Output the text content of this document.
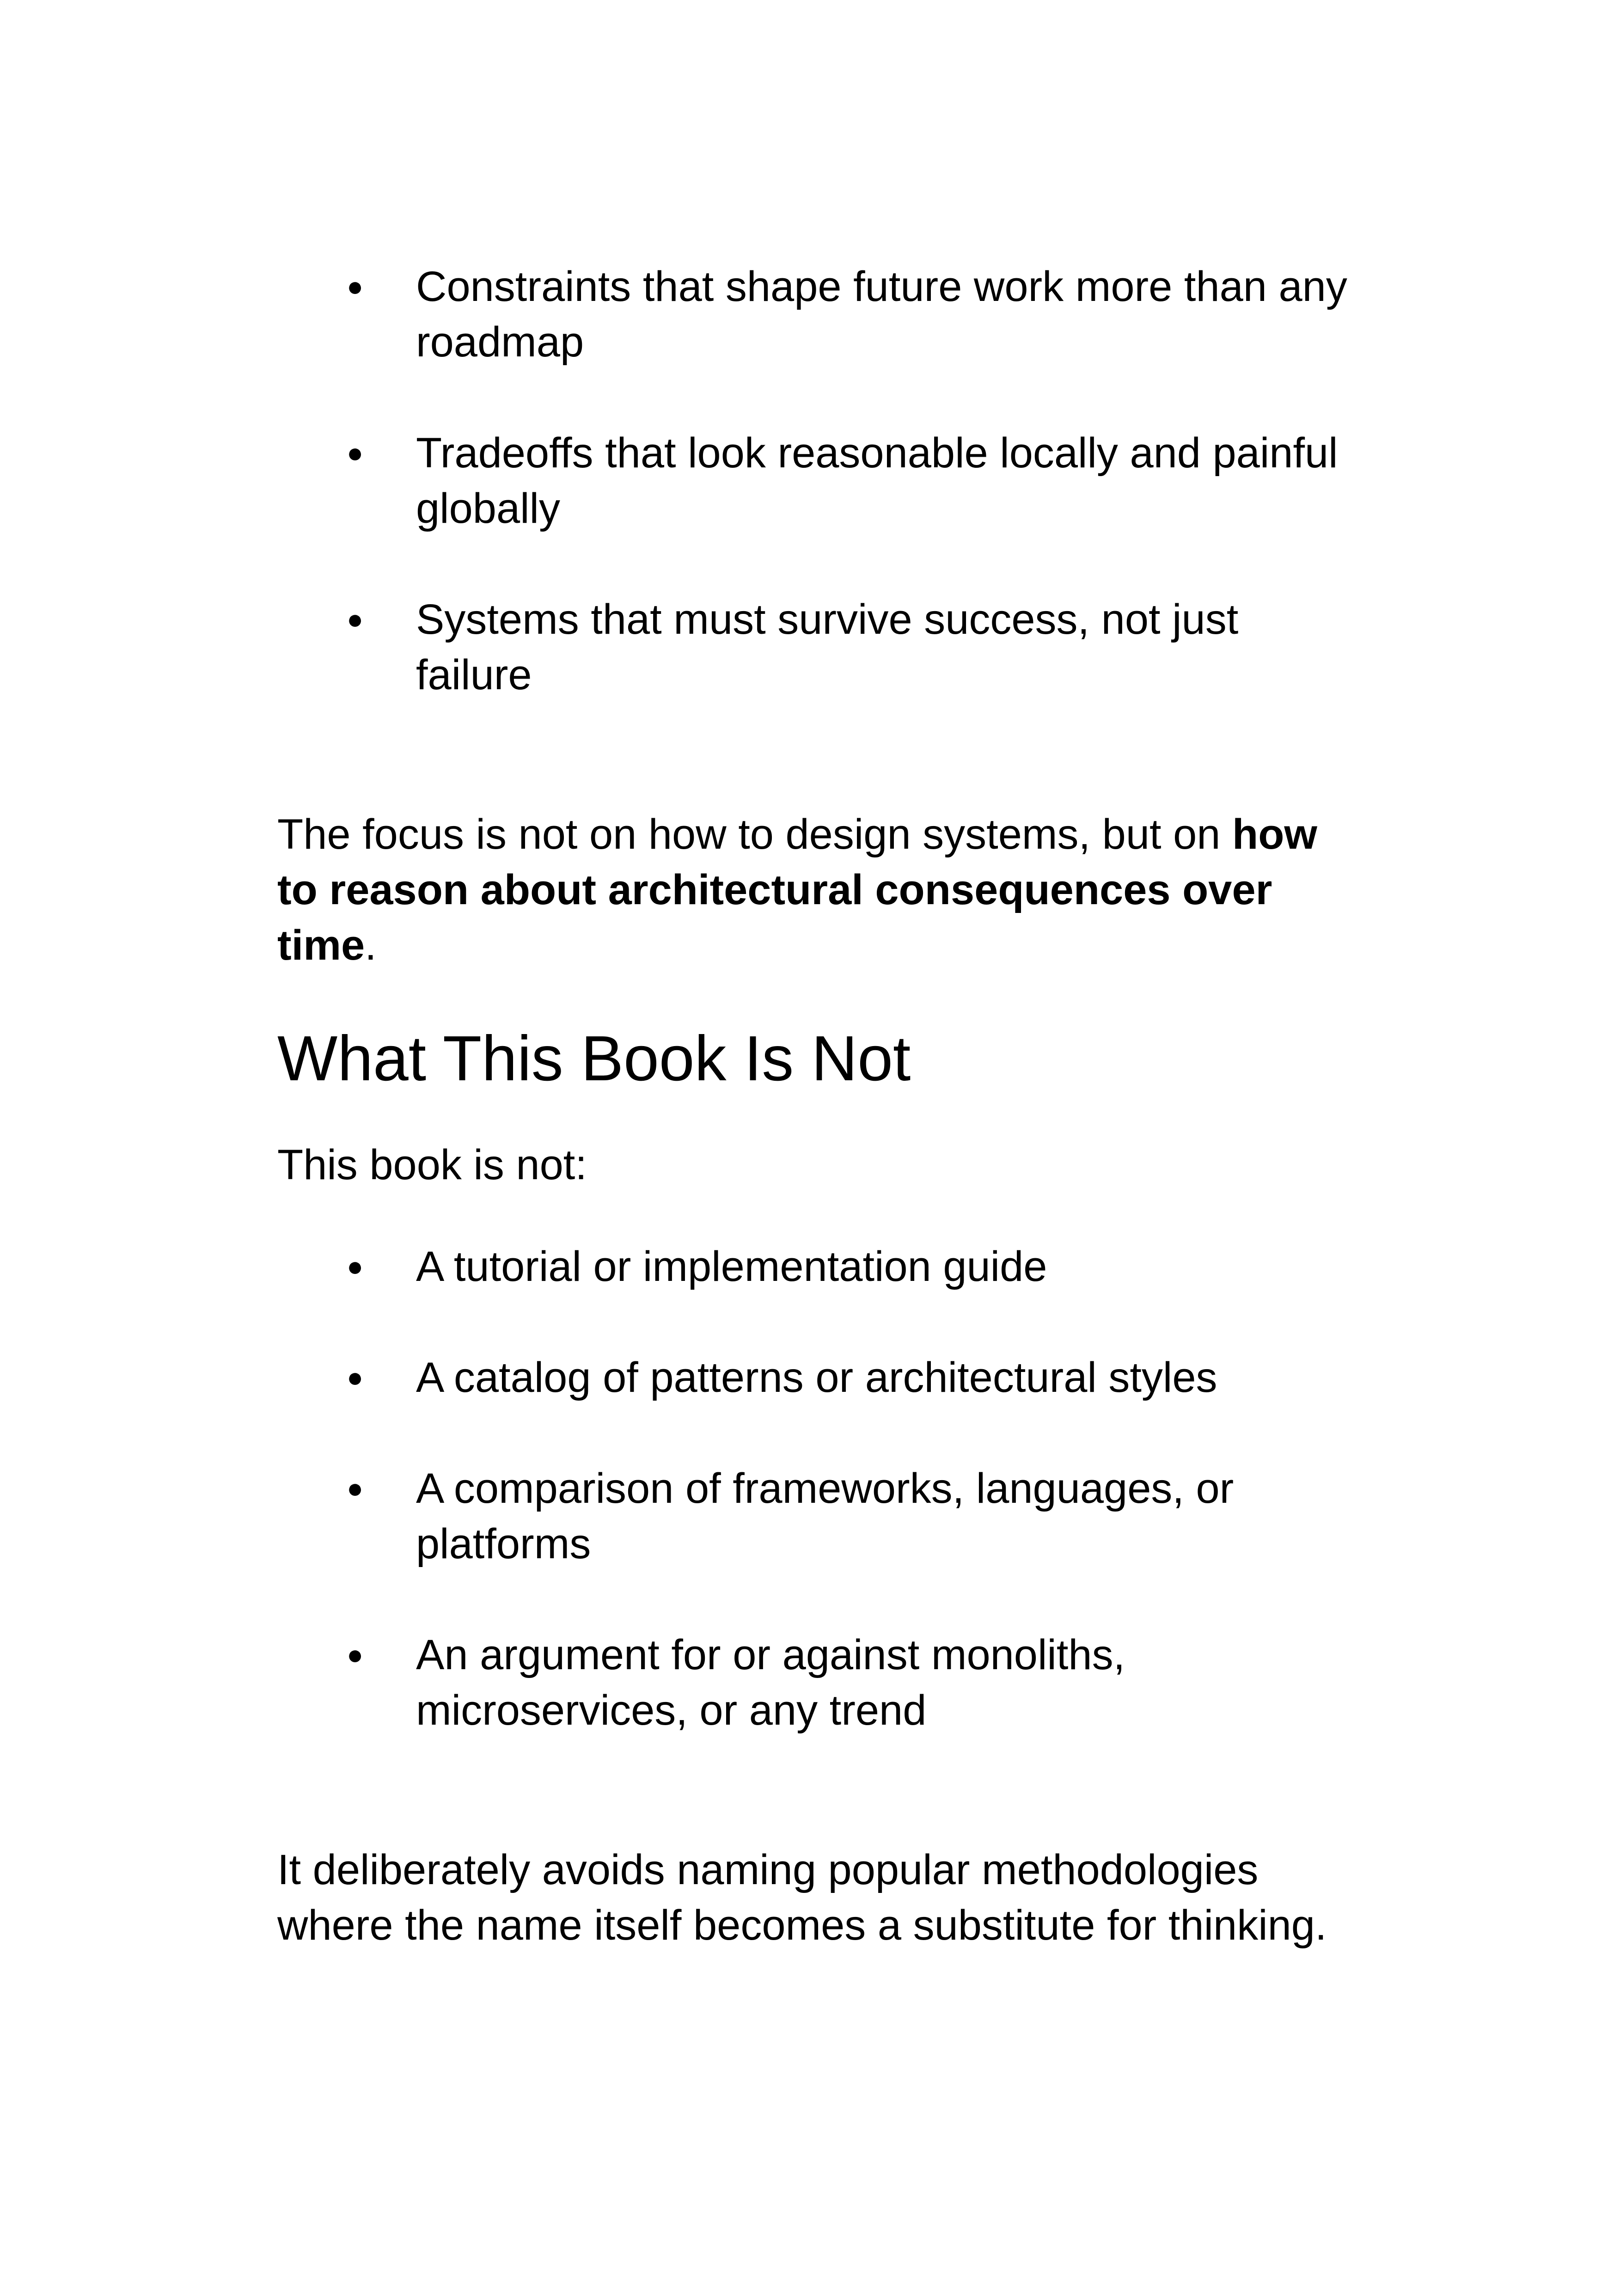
● Constraints that shape future work more than any roadmap
● Tradeoffs that look reasonable locally and painful globally
● Systems that must survive success, not just failure

The focus is not on how to design systems, but on how to reason about architectural consequences over time.

What This Book Is Not

This book is not:

● A tutorial or implementation guide
● A catalog of patterns or architectural styles
● A comparison of frameworks, languages, or platforms
● An argument for or against monoliths, microservices, or any trend

It deliberately avoids naming popular methodologies where the name itself becomes a substitute for thinking.
